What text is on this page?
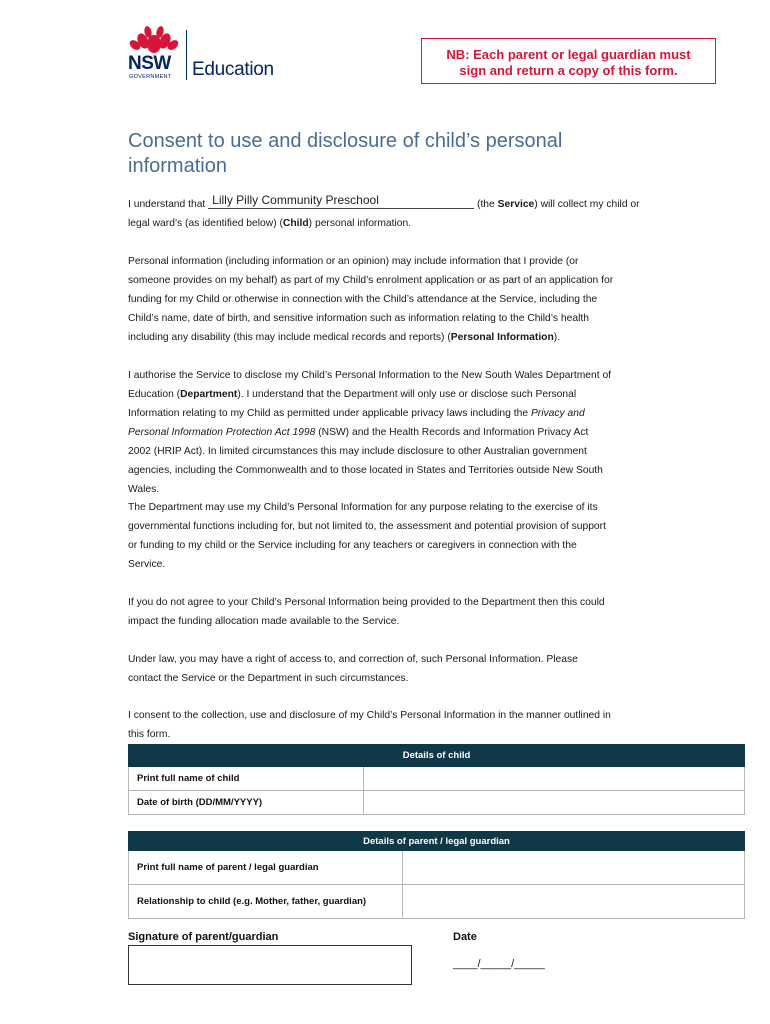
NSW
GOVERNMENT Education
NB: Each parent or legal guardian must
sign and return a copy of this form.
Consent to use and disclosure of child’s personal
information
I understand that Lilly Pilly Community Preschool	(the Service) will collect my child or
legal ward’s (as identified below) (Child) personal information.
Personal information (including information or an opinion) may include information that I provide (or
someone provides on my behalf) as part of my Child’s enrolment application or as part of an application for
funding for my Child or otherwise in connection with the Child’s attendance at the Service, including the
Child’s name, date of birth, and sensitive information such as information relating to the Child’s health
including any disability (this may include medical records and reports) (Personal Information).
I authorise the Service to disclose my Child’s Personal Information to the New South Wales Department of
Education (Department). I understand that the Department will only use or disclose such Personal
Information relating to my Child as permitted under applicable privacy laws including the Privacy and
Personal Information Protection Act 1998 (NSW) and the Health Records and Information Privacy Act
2002 (HRIP Act). In limited circumstances this may include disclosure to other Australian government
agencies, including the Commonwealth and to those located in States and Territories outside New South
Wales.
The Department may use my Child’s Personal Information for any purpose relating to the exercise of its
governmental functions including for, but not limited to, the assessment and potential provision of support
or funding to my child or the Service including for any teachers or caregivers in connection with the
Service.
If you do not agree to your Child’s Personal Information being provided to the Department then this could
impact the funding allocation made available to the Service.
Under law, you may have a right of access to, and correction of, such Personal Information. Please
contact the Service or the Department in such circumstances.
I consent to the collection, use and disclosure of my Child’s Personal Information in the manner outlined in
this form.
Details of child	
Print full name of child	
Date of birth (DD/MM/YYYY)	
Details of parent / legal guardian	
Print full name of parent / legal guardian	
Relationship to child (e.g. Mother, father, guardian)	
Signature of parent/guardian	Date
____/_____/_____
